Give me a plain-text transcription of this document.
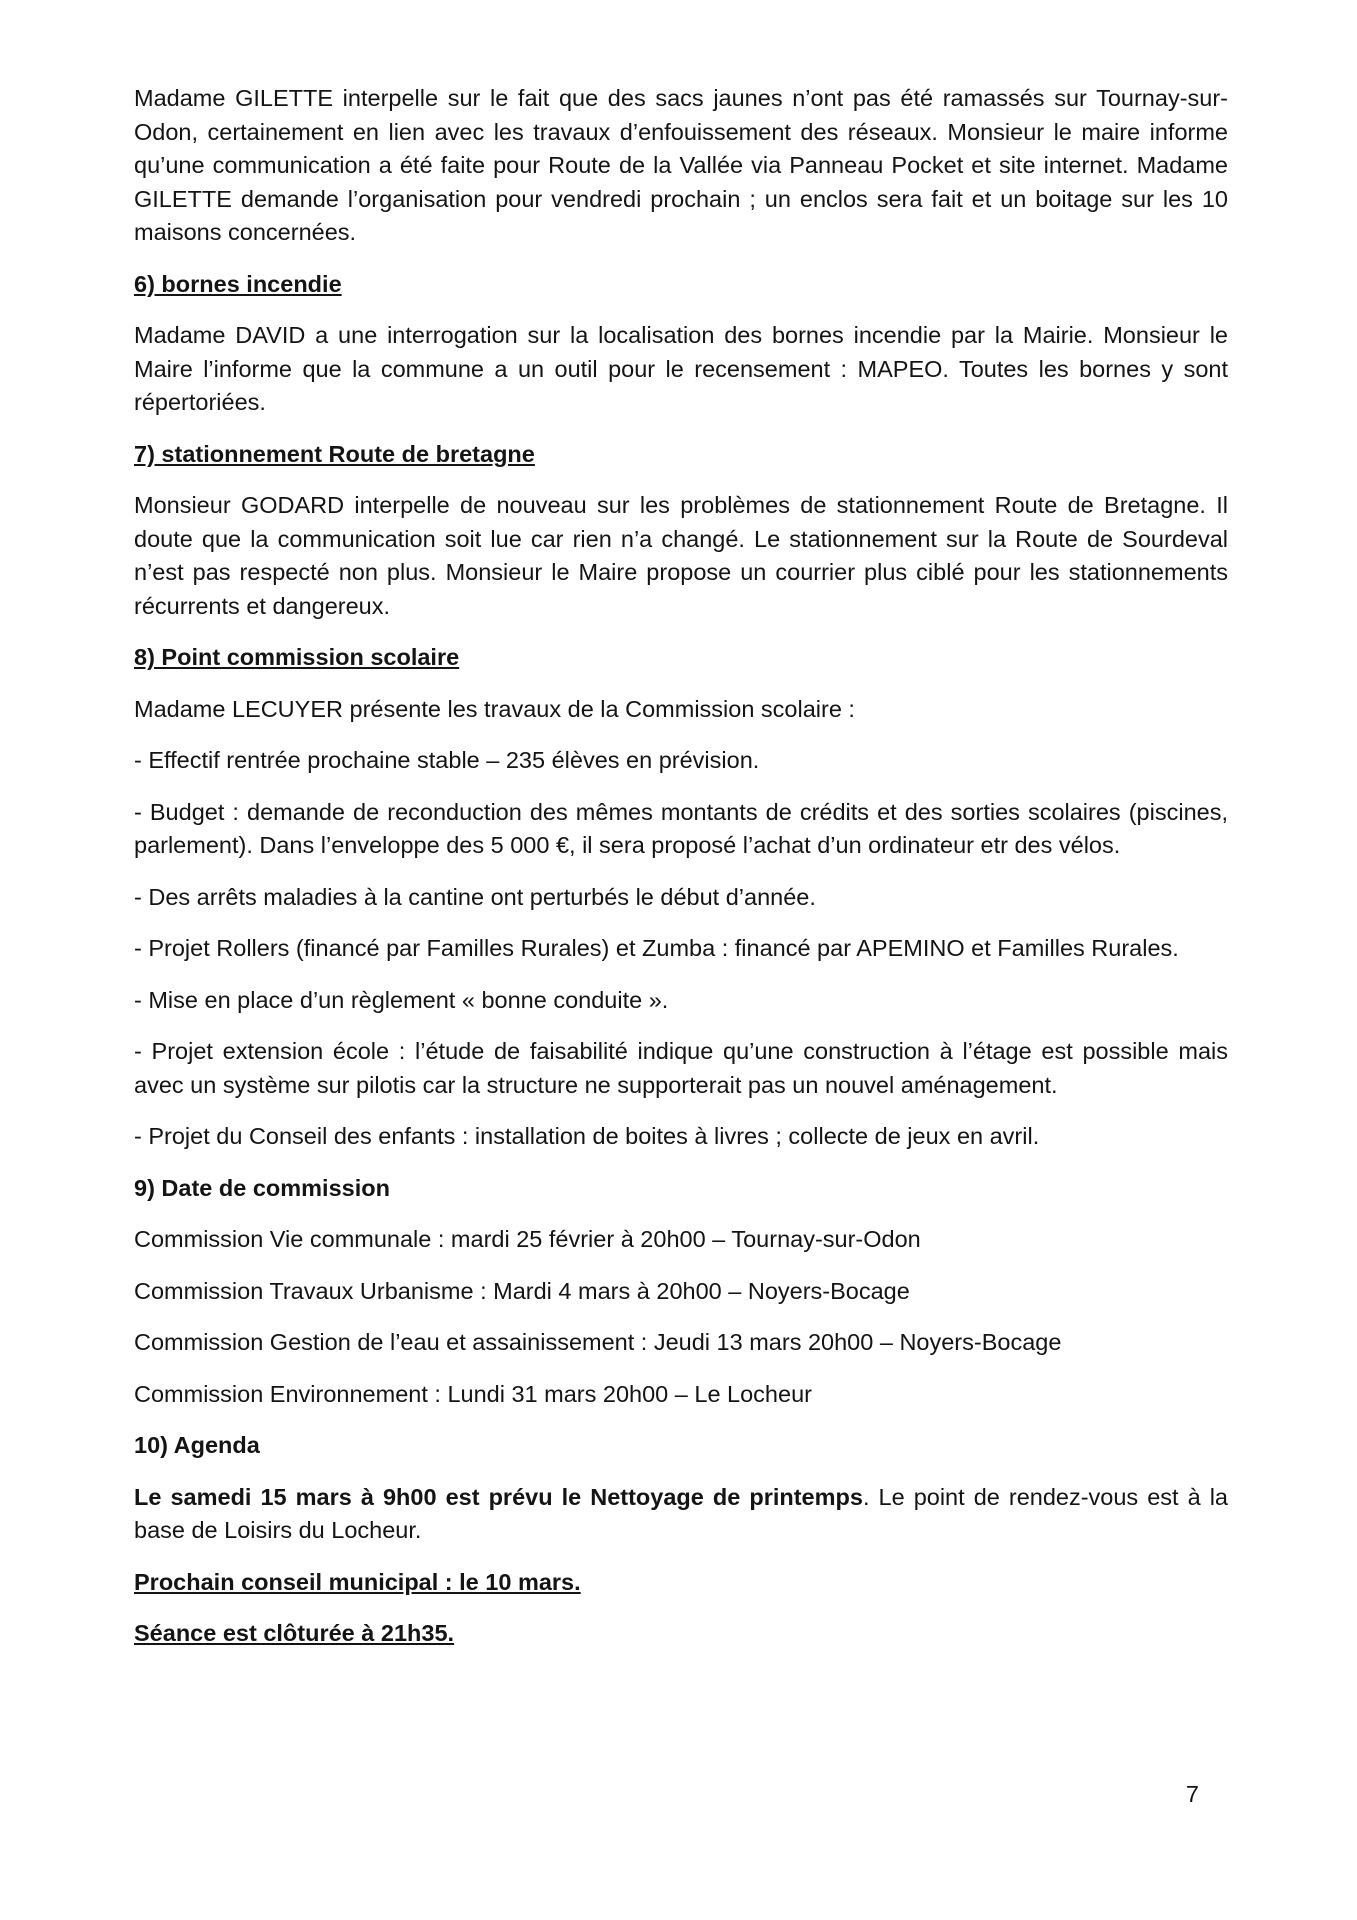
Madame GILETTE interpelle sur le fait que des sacs jaunes n’ont pas été ramassés sur Tournay-sur-Odon, certainement en lien avec les travaux d’enfouissement des réseaux. Monsieur le maire informe qu’une communication a été faite pour Route de la Vallée via Panneau Pocket et site internet. Madame GILETTE demande l’organisation pour vendredi prochain ; un enclos sera fait et un boitage sur les 10 maisons concernées.

6) bornes incendie

Madame DAVID a une interrogation sur la localisation des bornes incendie par la Mairie. Monsieur le Maire l’informe que la commune a un outil pour le recensement : MAPEO. Toutes les bornes y sont répertoriées.

7) stationnement Route de bretagne

Monsieur GODARD interpelle de nouveau sur les problèmes de stationnement Route de Bretagne. Il doute que la communication soit lue car rien n’a changé. Le stationnement sur la Route de Sourdeval n’est pas respecté non plus. Monsieur le Maire propose un courrier plus ciblé pour les stationnements récurrents et dangereux.

8) Point commission scolaire

Madame LECUYER présente les travaux de la Commission scolaire :

- Effectif rentrée prochaine stable – 235 élèves en prévision.

- Budget : demande de reconduction des mêmes montants de crédits et des sorties scolaires (piscines, parlement). Dans l’enveloppe des 5 000 €, il sera proposé l’achat d’un ordinateur etr des vélos.

- Des arrêts maladies à la cantine ont perturbés le début d’année.

- Projet Rollers (financé par Familles Rurales) et Zumba : financé par APEMINO et Familles Rurales.

- Mise en place d’un règlement « bonne conduite ».

- Projet extension école : l’étude de faisabilité indique qu’une construction à l’étage est possible mais avec un système sur pilotis car la structure ne supporterait pas un nouvel aménagement.

- Projet du Conseil des enfants : installation de boites à livres ; collecte de jeux en avril.

9) Date de commission

Commission Vie communale : mardi 25 février à 20h00 – Tournay-sur-Odon

Commission Travaux Urbanisme : Mardi 4 mars à 20h00 – Noyers-Bocage

Commission Gestion de l’eau et assainissement : Jeudi 13 mars 20h00 – Noyers-Bocage

Commission Environnement : Lundi 31 mars 20h00 – Le Locheur

10) Agenda

Le samedi 15 mars à 9h00 est prévu le Nettoyage de printemps. Le point de rendez-vous est à la base de Loisirs du Locheur.

Prochain conseil municipal : le 10 mars.

Séance est clôturée à 21h35.

7
